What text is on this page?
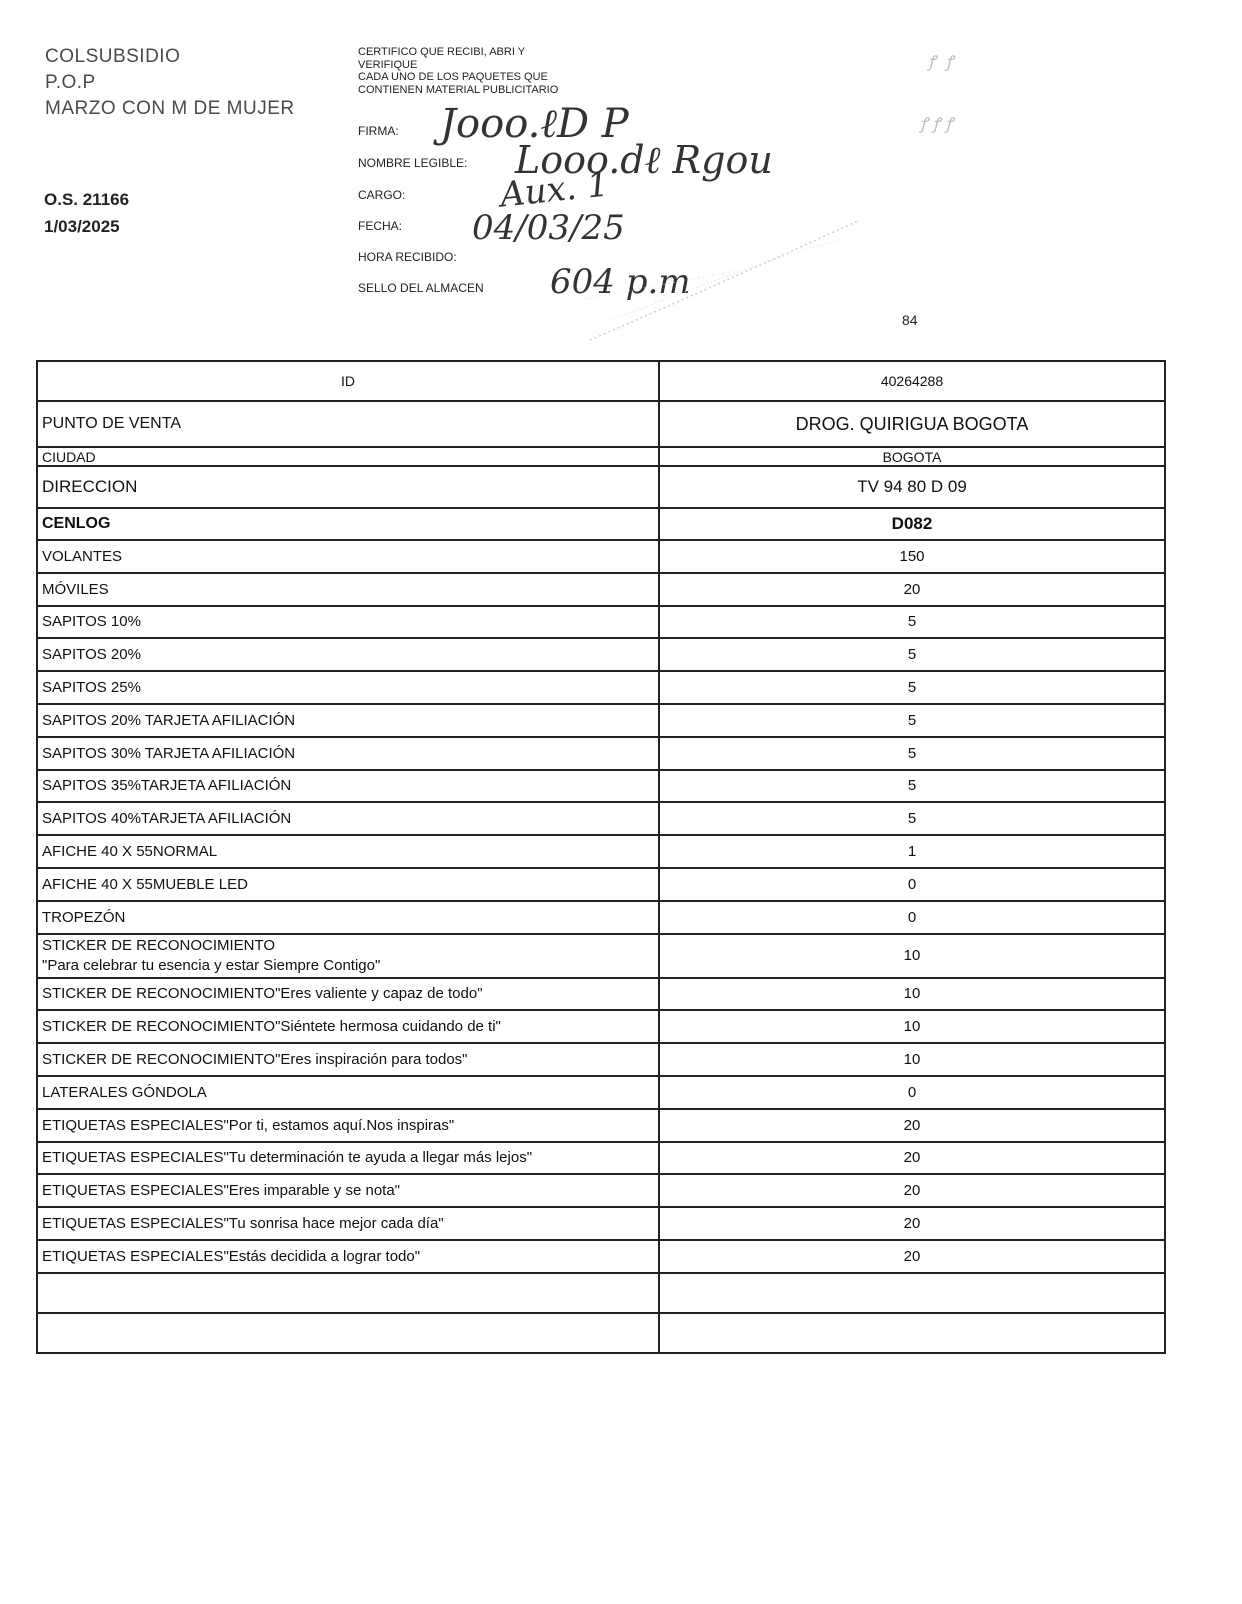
COLSUBSIDIO
P.O.P
MARZO CON M DE MUJER
O.S. 21166
1/03/2025
CERTIFICO QUE RECIBI, ABRI Y
VERIFIQUE
CADA UNO DE LOS PAQUETES QUE
CONTIENEN MATERIAL PUBLICITARIO
FIRMA:
NOMBRE LEGIBLE:
CARGO:
FECHA:
HORA RECIBIDO:
SELLO DEL ALMACEN
Jooo.ℓD P
Looo.dℓ Rgou
Aux. 1
04/03/25
604 p.m
ꝭ  ꝭ
ꝭ ꝭ ꝭ
84
ID	40264288
PUNTO DE VENTA	DROG. QUIRIGUA BOGOTA
CIUDAD	BOGOTA
DIRECCION	TV 94 80 D 09
CENLOG	D082
VOLANTES	150
MÓVILES	20
SAPITOS 10%	5
SAPITOS 20%	5
SAPITOS 25%	5
SAPITOS 20% TARJETA AFILIACIÓN	5
SAPITOS 30% TARJETA AFILIACIÓN	5
SAPITOS 35%TARJETA AFILIACIÓN	5
SAPITOS 40%TARJETA AFILIACIÓN	5
AFICHE 40 X 55NORMAL	1
AFICHE 40 X 55MUEBLE LED	0
TROPEZÓN	0

STICKER DE RECONOCIMIENTO
"Para celebrar tu esencia y estar Siempre Contigo"	10
STICKER DE RECONOCIMIENTO"Eres valiente y capaz de todo"	10
STICKER DE RECONOCIMIENTO"Siéntete hermosa cuidando de ti"	10
STICKER DE RECONOCIMIENTO"Eres inspiración para todos"	10
LATERALES GÓNDOLA	0
ETIQUETAS ESPECIALES"Por ti, estamos aquí.Nos inspiras"	20
ETIQUETAS ESPECIALES"Tu determinación te ayuda a llegar más lejos"	20
ETIQUETAS ESPECIALES"Eres imparable y se nota"	20
ETIQUETAS ESPECIALES"Tu sonrisa hace mejor cada día"	20
ETIQUETAS ESPECIALES"Estás decidida a lograr todo"	20
